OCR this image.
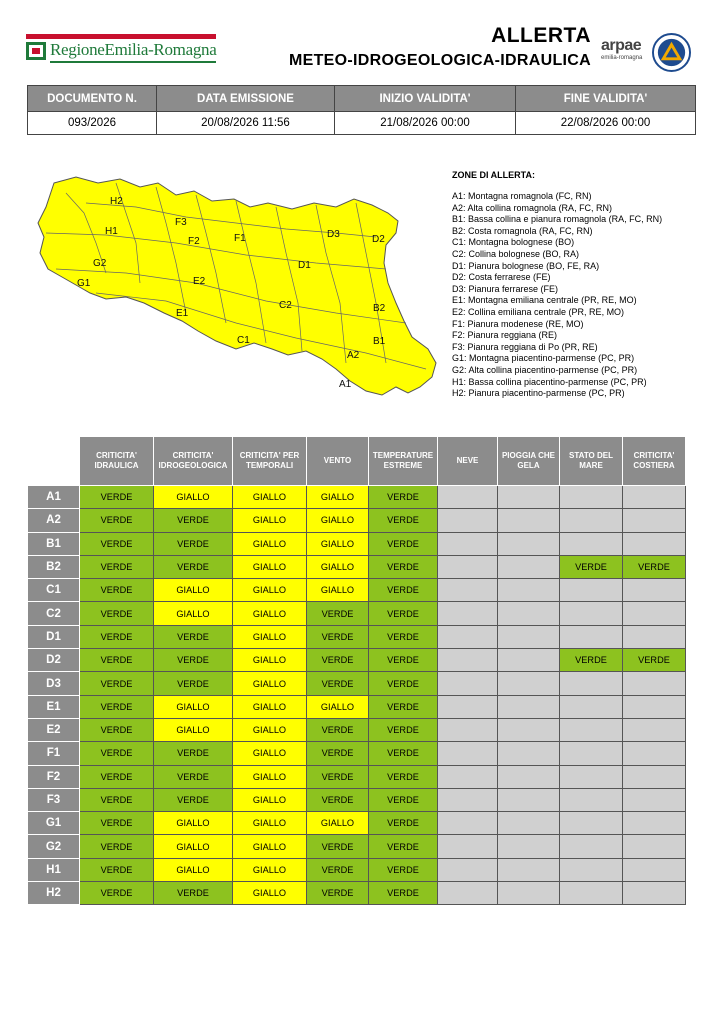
RegioneEmilia-Romagna
ALLERTA
METEO-IDROGEOLOGICA-IDRAULICA
arpae
emilia-romagna
DOCUMENTO N.	DATA EMISSIONE	INIZIO VALIDITA'	FINE VALIDITA'
093/2026	20/08/2026 11:56	21/08/2026 00:00	22/08/2026 00:00
H2
F3
H1
F2	F1	D3	D2
G2	D1
G1	E2
C2	B2
E1
C1	B1
A2
A1
ZONE DI ALLERTA:
A1: Montagna romagnola (FC, RN)
A2: Alta collina romagnola (RA, FC, RN)
B1: Bassa collina e pianura romagnola (RA, FC, RN)
B2: Costa romagnola (RA, FC, RN)
C1: Montagna bolognese (BO)
C2: Collina bolognese (BO, RA)
D1: Pianura bolognese (BO, FE, RA)
D2: Costa ferrarese (FE)
D3: Pianura ferrarese (FE)
E1: Montagna emiliana centrale (PR, RE, MO)
E2: Collina emiliana centrale (PR, RE, MO)
F1: Pianura modenese (RE, MO)
F2: Pianura reggiana (RE)
F3: Pianura reggiana di Po (PR, RE)
G1: Montagna piacentino-parmense (PC, PR)
G2: Alta collina piacentino-parmense (PC, PR)
H1: Bassa collina piacentino-parmense (PC, PR)
H2: Pianura piacentino-parmense (PC, PR)
	CRITICITA' IDRAULICA	CRITICITA' IDROGEOLOGICA	CRITICITA' PER TEMPORALI	VENTO	TEMPERATURE ESTREME	NEVE	PIOGGIA CHE GELA	STATO DEL MARE	CRITICITA' COSTIERA
A1	VERDE	GIALLO	GIALLO	GIALLO	VERDE				
A2	VERDE	VERDE	GIALLO	GIALLO	VERDE				
B1	VERDE	VERDE	GIALLO	GIALLO	VERDE				
B2	VERDE	VERDE	GIALLO	GIALLO	VERDE			VERDE	VERDE
C1	VERDE	GIALLO	GIALLO	GIALLO	VERDE				
C2	VERDE	GIALLO	GIALLO	VERDE	VERDE				
D1	VERDE	VERDE	GIALLO	VERDE	VERDE				
D2	VERDE	VERDE	GIALLO	VERDE	VERDE			VERDE	VERDE
D3	VERDE	VERDE	GIALLO	VERDE	VERDE				
E1	VERDE	GIALLO	GIALLO	GIALLO	VERDE				
E2	VERDE	GIALLO	GIALLO	VERDE	VERDE				
F1	VERDE	VERDE	GIALLO	VERDE	VERDE				
F2	VERDE	VERDE	GIALLO	VERDE	VERDE				
F3	VERDE	VERDE	GIALLO	VERDE	VERDE				
G1	VERDE	GIALLO	GIALLO	GIALLO	VERDE				
G2	VERDE	GIALLO	GIALLO	VERDE	VERDE				
H1	VERDE	GIALLO	GIALLO	VERDE	VERDE				
H2	VERDE	VERDE	GIALLO	VERDE	VERDE				
